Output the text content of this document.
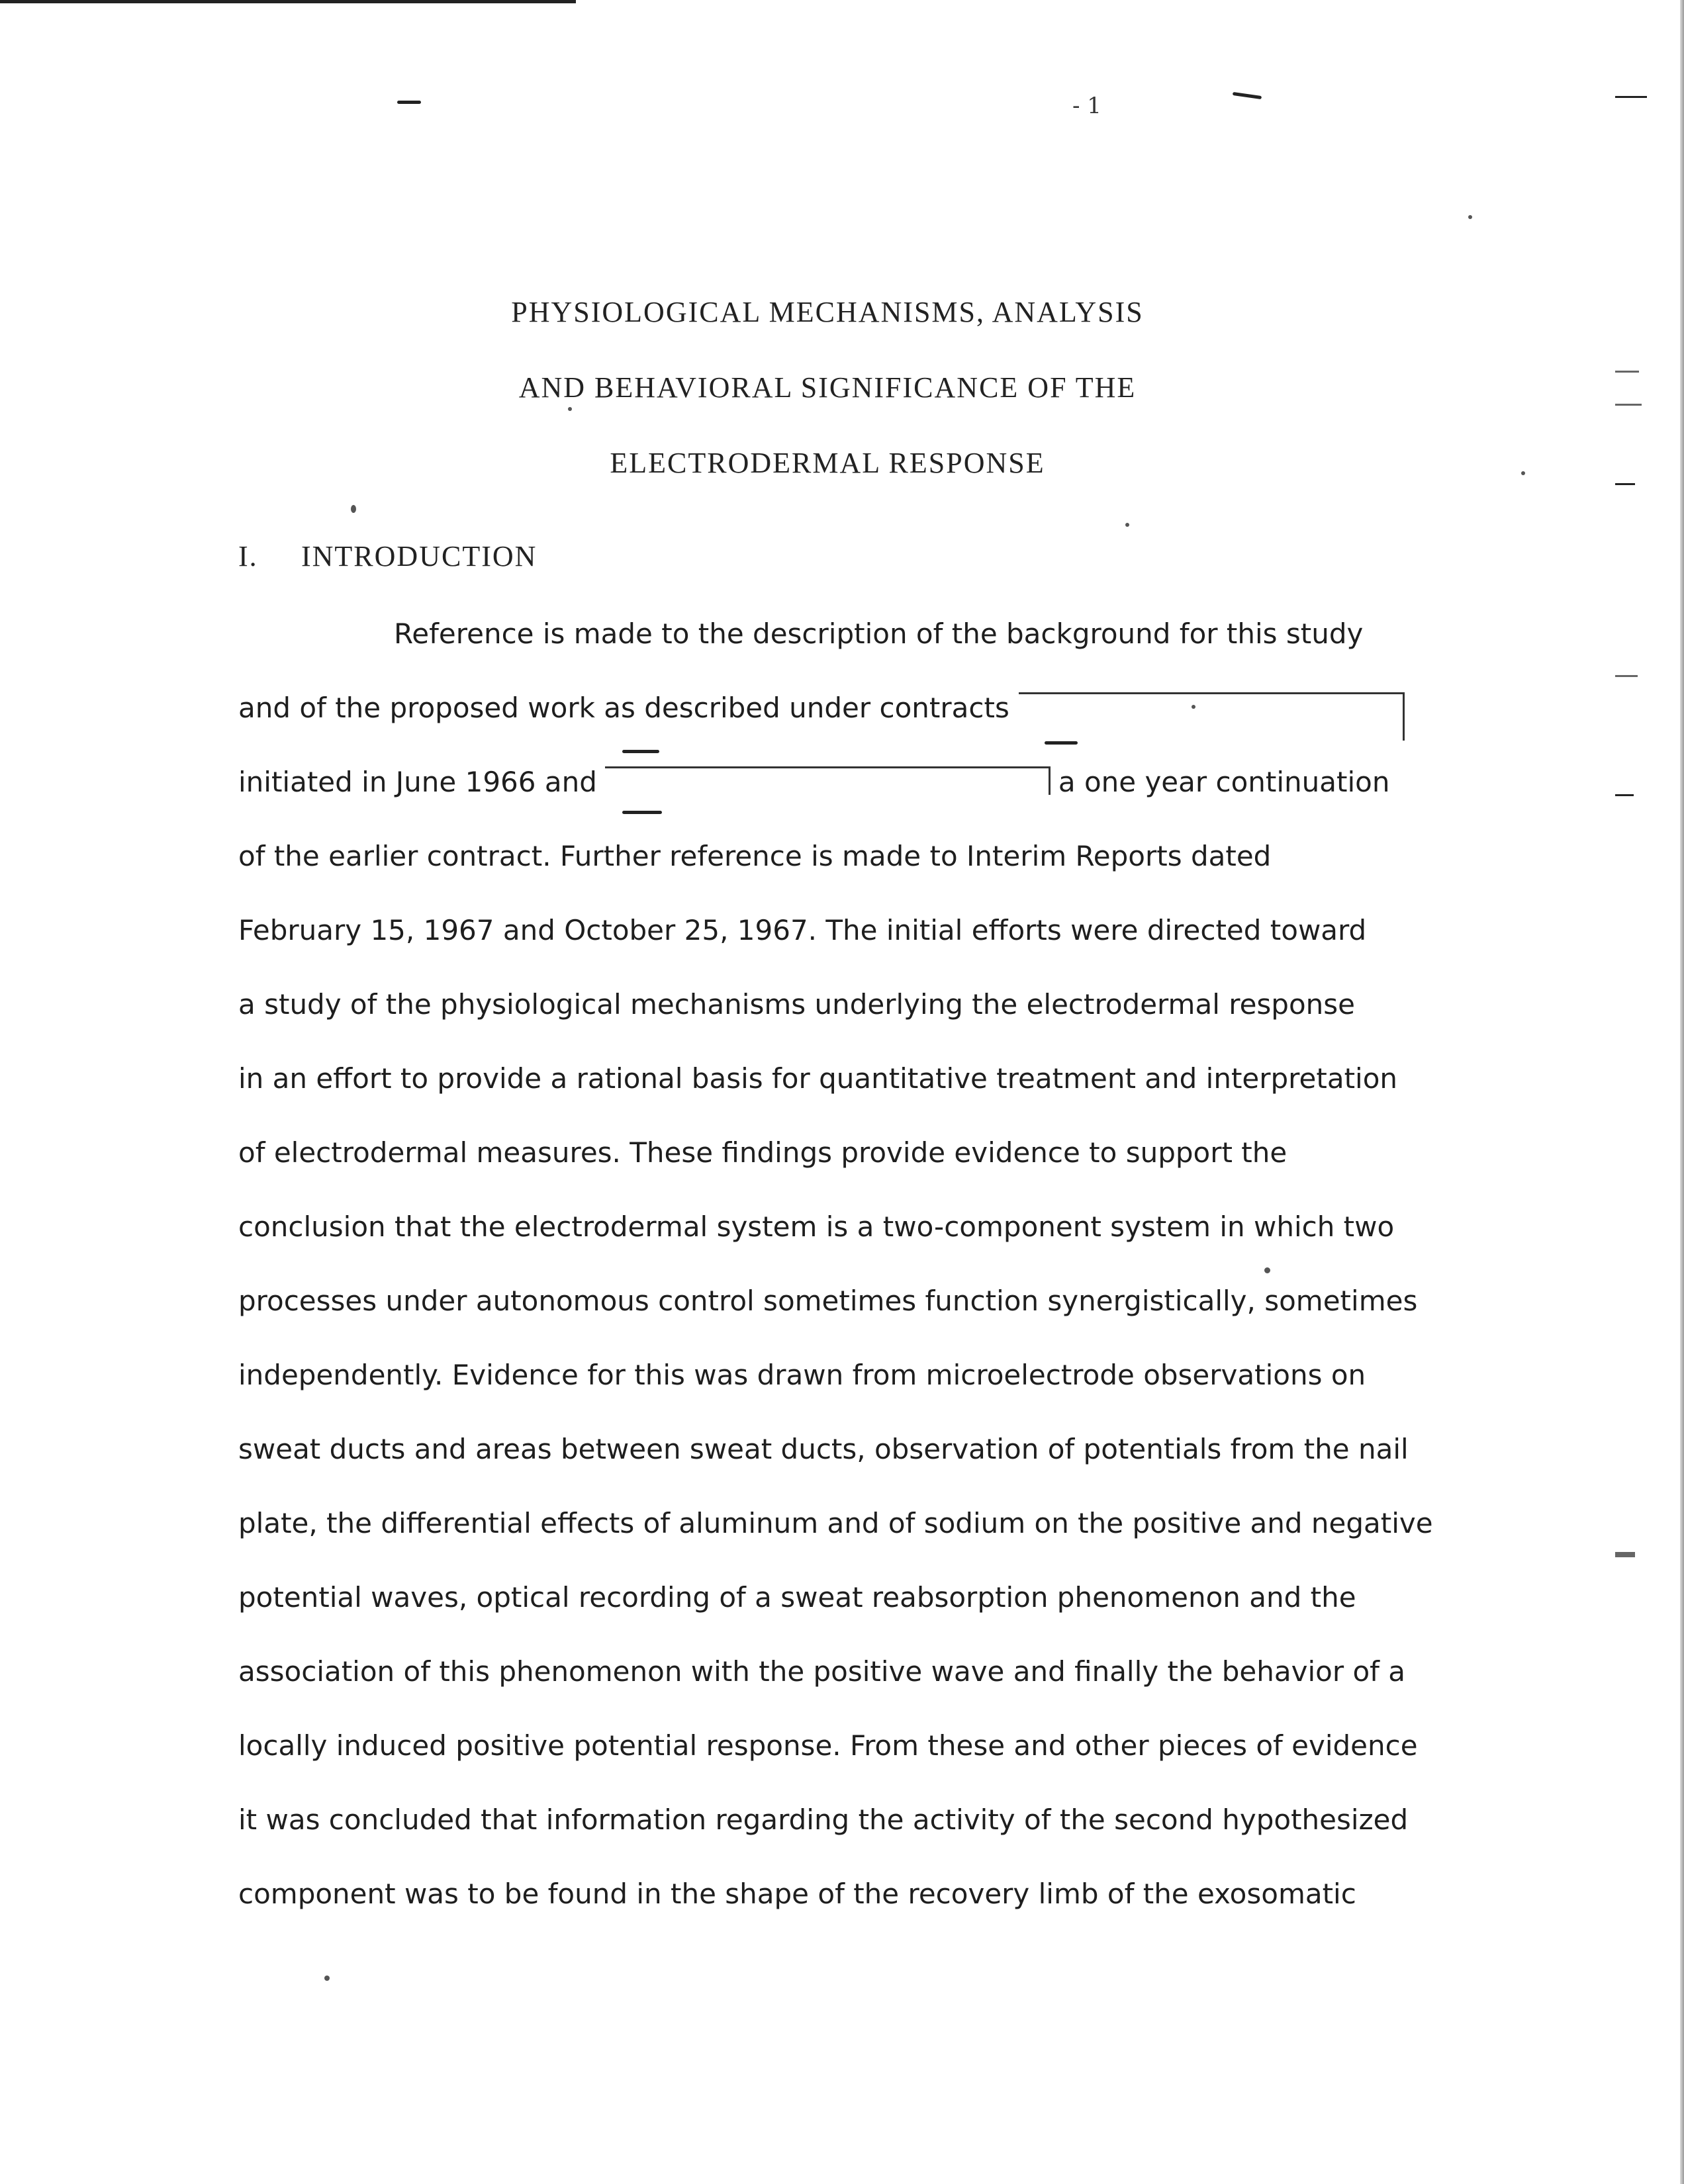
- 1
PHYSIOLOGICAL MECHANISMS, ANALYSIS
AND BEHAVIORAL SIGNIFICANCE OF THE
ELECTRODERMAL RESPONSE
I. INTRODUCTION
Reference is made to the description of the background for this study
and of the proposed work as described under contracts
initiated in June 1966 and	a one year continuation
of the earlier contract. Further reference is made to Interim Reports dated
February 15, 1967 and October 25, 1967. The initial efforts were directed toward
a study of the physiological mechanisms underlying the electrodermal response
in an effort to provide a rational basis for quantitative treatment and interpretation
of electrodermal measures. These findings provide evidence to support the
conclusion that the electrodermal system is a two-component system in which two
processes under autonomous control sometimes function synergistically, sometimes
independently. Evidence for this was drawn from microelectrode observations on
sweat ducts and areas between sweat ducts, observation of potentials from the nail
plate, the differential effects of aluminum and of sodium on the positive and negative
potential waves, optical recording of a sweat reabsorption phenomenon and the
association of this phenomenon with the positive wave and finally the behavior of a
locally induced positive potential response. From these and other pieces of evidence
it was concluded that information regarding the activity of the second hypothesized
component was to be found in the shape of the recovery limb of the exosomatic
